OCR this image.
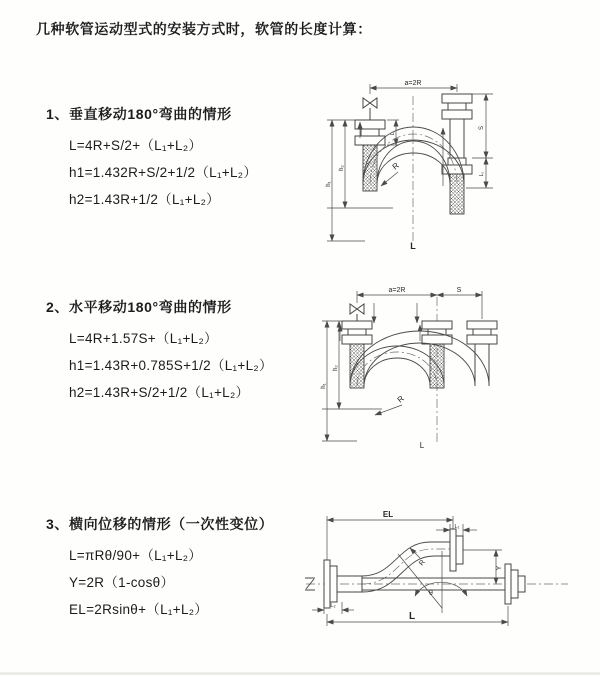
几种软管运动型式的安装方式时，软管的长度计算：
1、垂直移动180°弯曲的情形

L=4R+S/2+（L₁+L₂）

h1=1.432R+S/2+1/2（L₁+L₂）

h2=1.43R+1/2（L₁+L₂）

a=2R
L₁
R
h₂
h₁
S
L₂
L
2、水平移动180°弯曲的情形

L=4R+1.57S+（L₁+L₂）

h1=1.43R+0.785S+1/2（L₁+L₂）

h2=1.43R+S/2+1/2（L₁+L₂）

a=2R	S
R
h₂
h₁
L
3、横向位移的情形（一次性变位）

L=πRθ/90+（L₁+L₂）

Y=2R（1-cosθ）

EL=2Rsinθ+（L₁+L₂）

EL
L₁
Y
θ
R
L₂
L
